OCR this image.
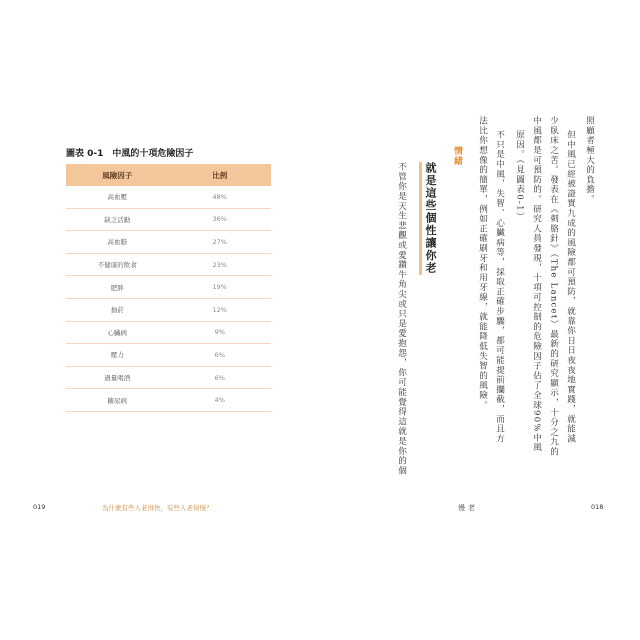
圖表 0-1 中風的十項危險因子
風險因子	比例
高血壓	48%
缺乏活動	36%
高血脂	27%
不健康的飲食	23%
肥胖	19%
抽菸	12%
心臟病	9%
壓力	6%
過量喝酒	6%
糖尿病	4%
照顧者極大的負擔。
但中風已經被證實九成的風險都可預防，就靠你日日夜夜地實踐，就能減
少臥床之苦。發表在《刺胳針》（The Lancet）最新的研究顯示，十分之九的
中風都是可預防的。研究人員發現，十項可控制的危險因子佔了全球90%中風
原因。（見圖表0-1）
不只是中風，失智、心臟病等，採取正確步驟，都可能提前攔截，而且方
法比你想像的簡單，例如正確刷牙和用牙線，就能降低失智的風險。
情緒
就是這些個性讓你老
不管你是天生悲觀或愛鑽牛角尖或只是愛抱怨，你可能覺得這就是你的個
019	為什麼有些人老得快，有些人老得慢？	慢老	018
